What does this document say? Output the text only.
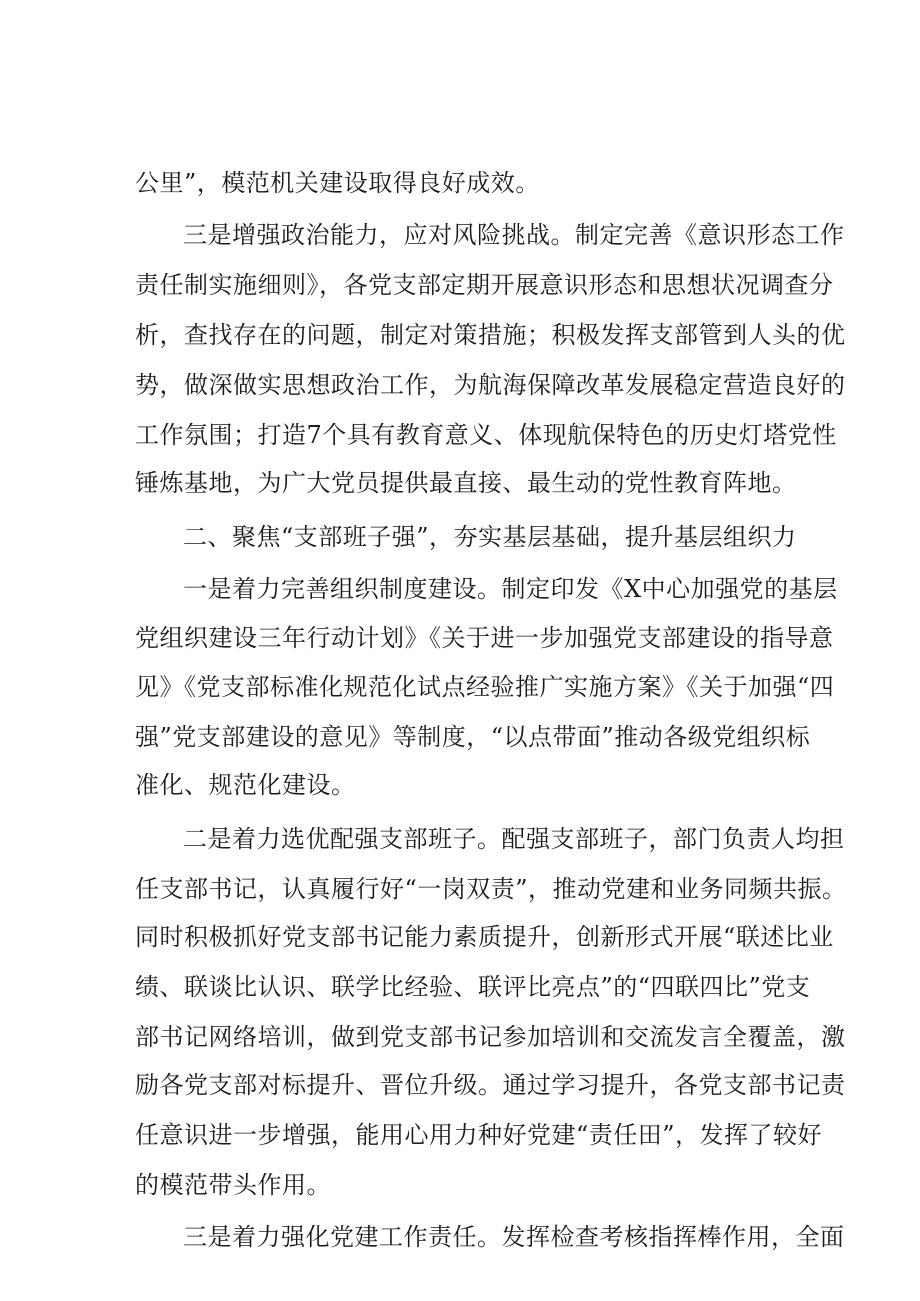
公里”，模范机关建设取得良好成效。
三是增强政治能力，应对风险挑战。制定完善《意识形态工作
责任制实施细则》，各党支部定期开展意识形态和思想状况调查分
析，查找存在的问题，制定对策措施；积极发挥支部管到人头的优
势，做深做实思想政治工作，为航海保障改革发展稳定营造良好的
工作氛围；打造7个具有教育意义、体现航保特色的历史灯塔党性
锤炼基地，为广大党员提供最直接、最生动的党性教育阵地。
二、聚焦“支部班子强”，夯实基层基础，提升基层组织力
一是着力完善组织制度建设。制定印发《X中心加强党的基层
党组织建设三年行动计划》《关于进一步加强党支部建设的指导意
见》《党支部标准化规范化试点经验推广实施方案》《关于加强“四
强”党支部建设的意见》等制度，“以点带面”推动各级党组织标
准化、规范化建设。
二是着力选优配强支部班子。配强支部班子，部门负责人均担
任支部书记，认真履行好“一岗双责”，推动党建和业务同频共振。
同时积极抓好党支部书记能力素质提升，创新形式开展“联述比业
绩、联谈比认识、联学比经验、联评比亮点”的“四联四比”党支
部书记网络培训，做到党支部书记参加培训和交流发言全覆盖，激
励各党支部对标提升、晋位升级。通过学习提升，各党支部书记责
任意识进一步增强，能用心用力种好党建“责任田”，发挥了较好
的模范带头作用。
三是着力强化党建工作责任。发挥检查考核指挥棒作用，全面
